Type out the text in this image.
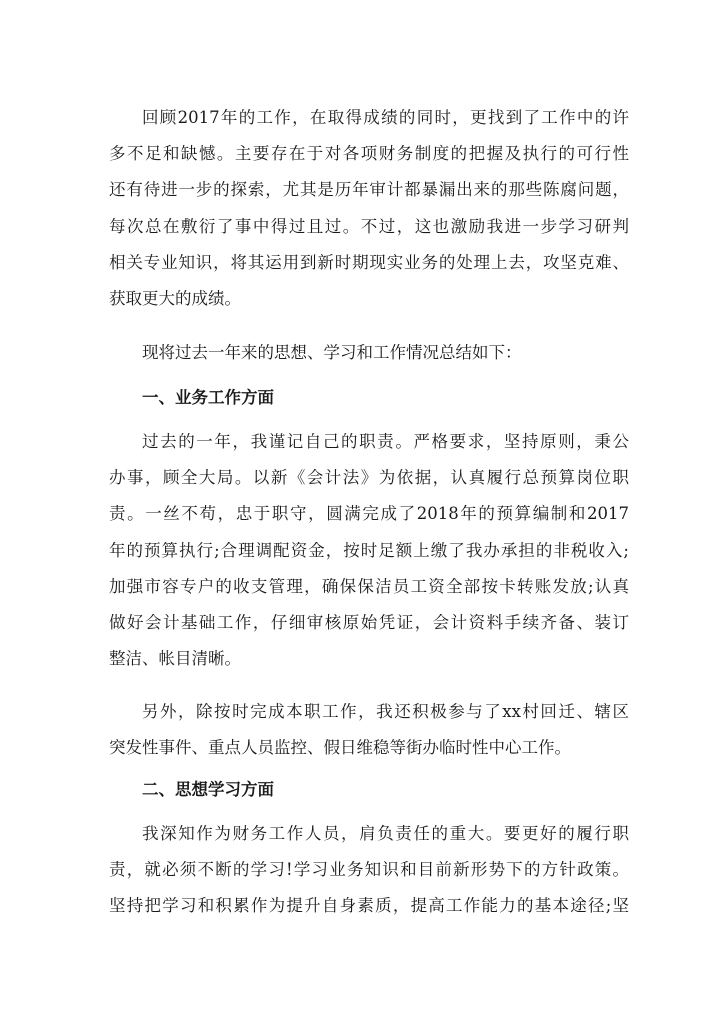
回顾2017年的工作，在取得成绩的同时，更找到了工作中的许
多不足和缺憾。主要存在于对各项财务制度的把握及执行的可行性
还有待进一步的探索，尤其是历年审计都暴漏出来的那些陈腐问题，
每次总在敷衍了事中得过且过。不过，这也激励我进一步学习研判
相关专业知识，将其运用到新时期现实业务的处理上去，攻坚克难、
获取更大的成绩。
现将过去一年来的思想、学习和工作情况总结如下：
一、业务工作方面
过去的一年，我谨记自己的职责。严格要求，坚持原则，秉公
办事，顾全大局。以新《会计法》为依据，认真履行总预算岗位职
责。一丝不苟，忠于职守，圆满完成了2018年的预算编制和2017
年的预算执行;合理调配资金，按时足额上缴了我办承担的非税收入;
加强市容专户的收支管理，确保保洁员工资全部按卡转账发放;认真
做好会计基础工作，仔细审核原始凭证，会计资料手续齐备、装订
整洁、帐目清晰。
另外，除按时完成本职工作，我还积极参与了xx村回迁、辖区
突发性事件、重点人员监控、假日维稳等街办临时性中心工作。
二、思想学习方面
我深知作为财务工作人员，肩负责任的重大。要更好的履行职
责，就必须不断的学习!学习业务知识和目前新形势下的方针政策。
坚持把学习和积累作为提升自身素质，提高工作能力的基本途径;坚
